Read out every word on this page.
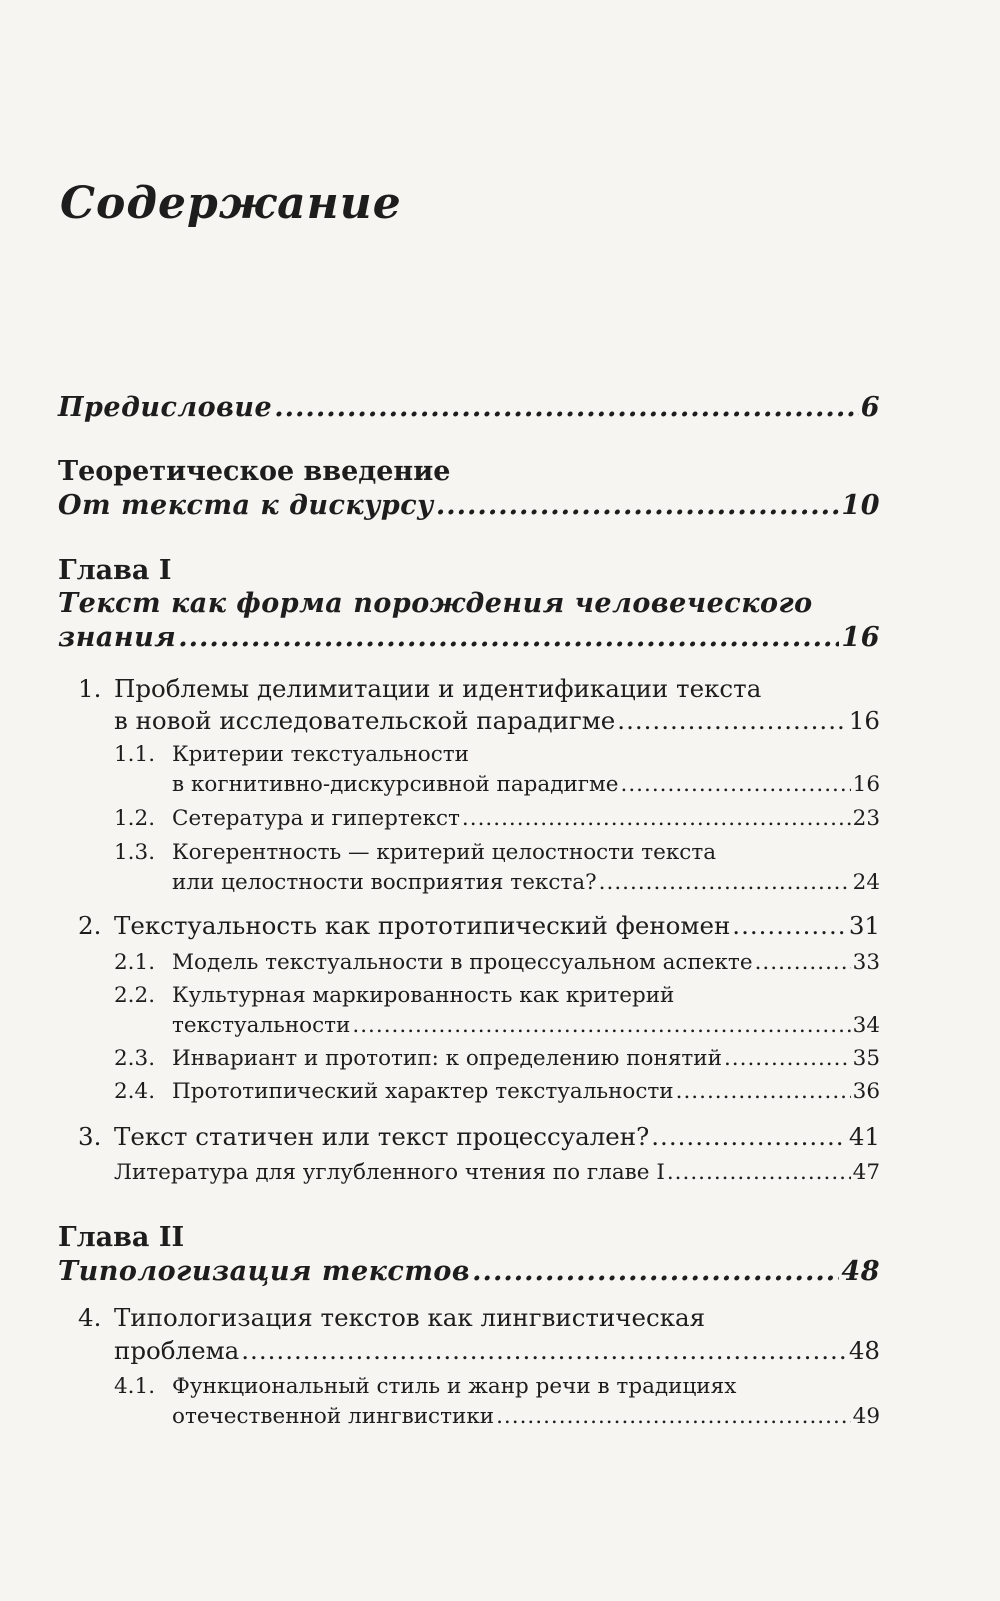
Содержание
Предисловие .....	6
Теоретическое введение
От текста к дискурсу .....	10
Глава I
Текст как форма порождения человеческого
знания .....	16
1. Проблемы делимитации и идентификации текста
в новой исследовательской парадигме .....	16
1.1. Критерии текстуальности
в когнитивно-дискурсивной парадигме .....	16
1.2. Сетература и гипертекст .....	23
1.3. Когерентность — критерий целостности текста
или целостности восприятия текста? .....	24
2. Текстуальность как прототипический феномен .....	31
2.1. Модель текстуальности в процессуальном аспекте .....	33
2.2. Культурная маркированность как критерий
текстуальности .....	34
2.3. Инвариант и прототип: к определению понятий .....	35
2.4. Прототипический характер текстуальности .....	36
3. Текст статичен или текст процессуален? .....	41
Литература для углубленного чтения по главе I .....	47
Глава II
Типологизация текстов .....	48
4. Типологизация текстов как лингвистическая
проблема .....	48
4.1. Функциональный стиль и жанр речи в традициях
отечественной лингвистики .....	49
